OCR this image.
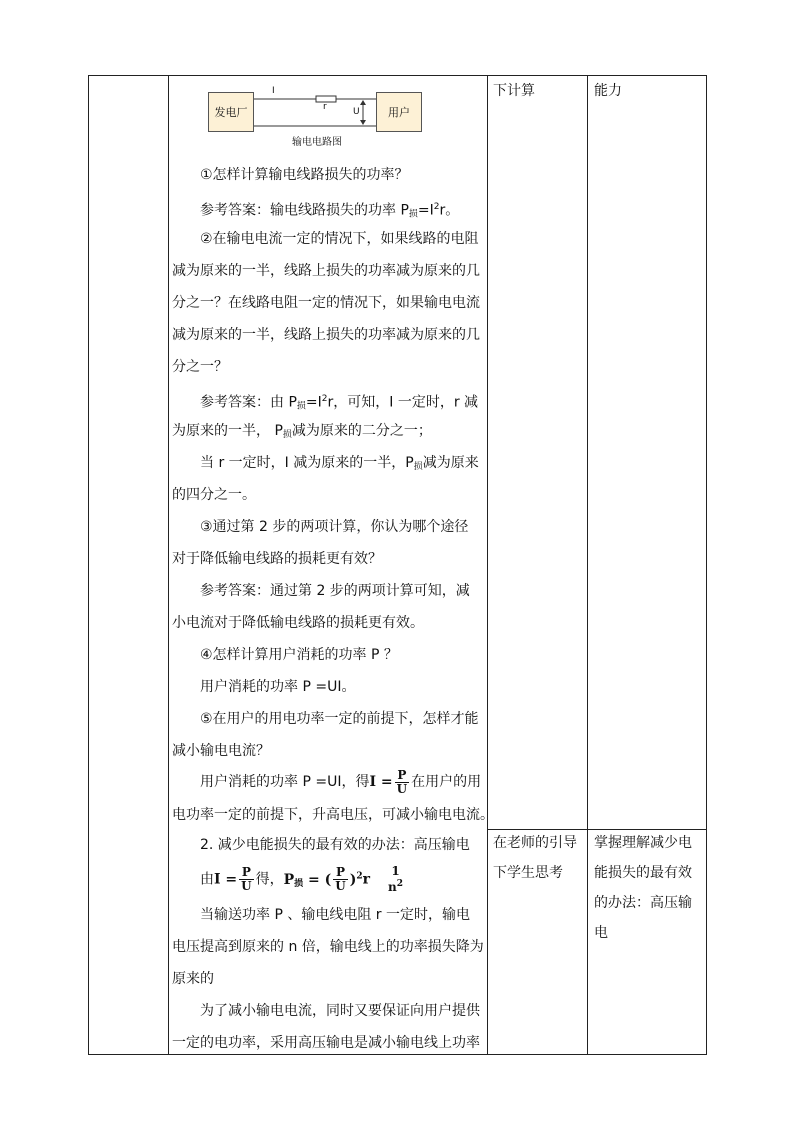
发电厂	用户
I
r	U
输电电路图
①怎样计算输电线路损失的功率？
参考答案：输电线路损失的功率 $P_损=I^2r$。
②在输电电流一定的情况下，如果线路的电阻
减为原来的一半，线路上损失的功率减为原来的几
分之一？在线路电阻一定的情况下，如果输电电流
减为原来的一半，线路上损失的功率减为原来的几
分之一？
参考答案：由 $P_损=I^2r$，可知，I 一定时，r 减
为原来的一半， $P_损$减为原来的二分之一；
当 r 一定时，I 减为原来的一半，$P_损$减为原来
的四分之一。
③通过第 2 步的两项计算，你认为哪个途径
对于降低输电线路的损耗更有效？
参考答案：通过第 2 步的两项计算可知，减
小电流对于降低输电线路的损耗更有效。
④怎样计算用户消耗的功率 P ？
用户消耗的功率 P =UI。
⑤在用户的用电功率一定的前提下，怎样才能
减小输电电流？
用户消耗的功率 P =UI，得$I = \frac{P}{U}$ 在用户的用
电功率一定的前提下，升高电压，可减小输电电流。
2. 减少电能损失的最有效的办法：高压输电
由$I = \frac{P}{U}$ 得，$P_损$ = ( $\frac{P}{U} )^2r$
1
$n^2$
当输送功率 P 、输电线电阻 r 一定时，输电
电压提高到原来的 n 倍，输电线上的功率损失降为
原来的
为了减小输电电流，同时又要保证向用户提供
一定的电功率，采用高压输电是减小输电线上功率
下计算
在老师的引导
下学生思考
能力
掌握理解减少电
能损失的最有效
的办法：高压输
电
